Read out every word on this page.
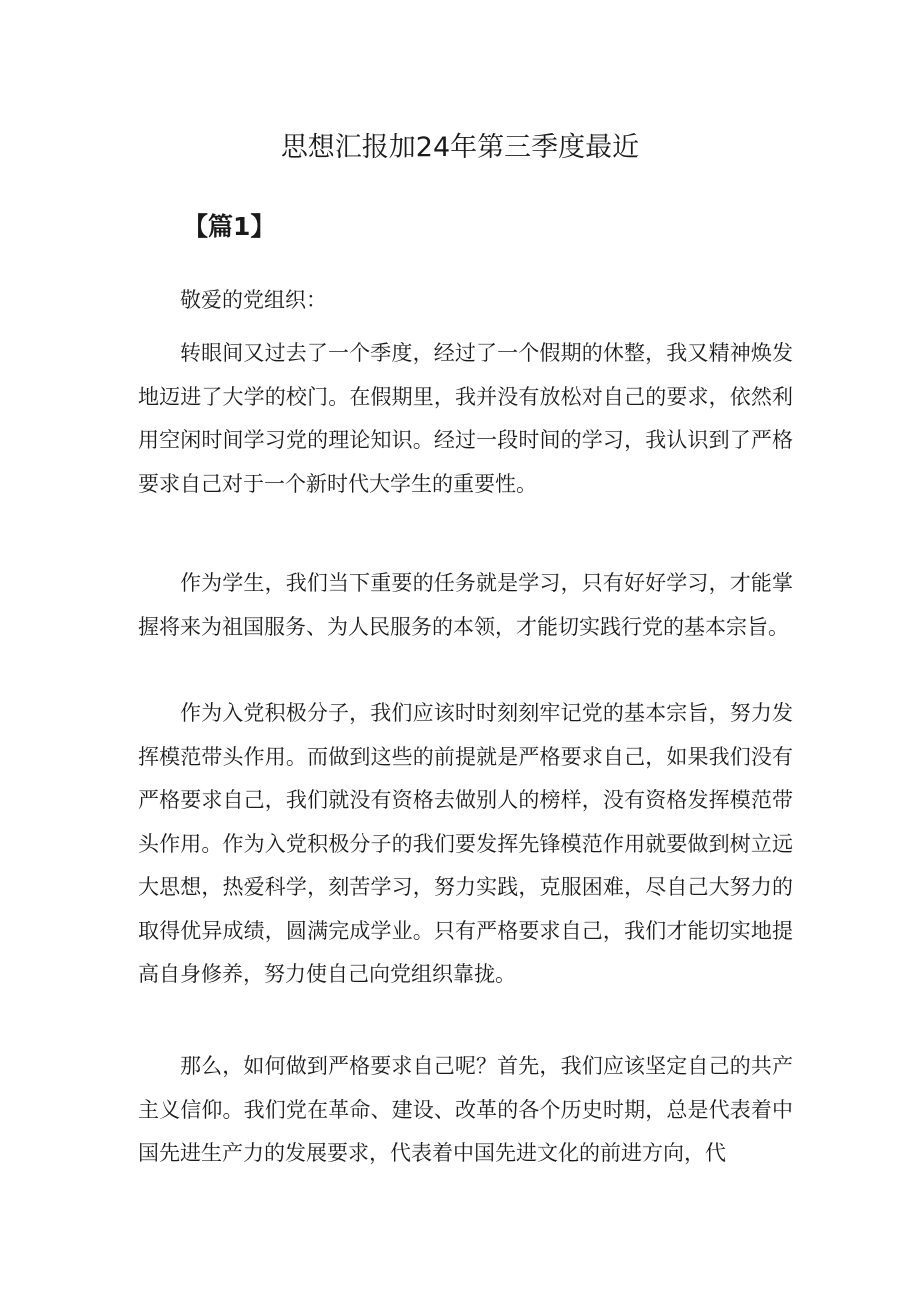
思想汇报加24年第三季度最近
【篇1】
敬爱的党组织：

转眼间又过去了一个季度，经过了一个假期的休整，我又精神焕发地迈进了大学的校门。在假期里，我并没有放松对自己的要求，依然利用空闲时间学习党的理论知识。经过一段时间的学习，我认识到了严格要求自己对于一个新时代大学生的重要性。

作为学生，我们当下重要的任务就是学习，只有好好学习，才能掌握将来为祖国服务、为人民服务的本领，才能切实践行党的基本宗旨。

作为入党积极分子，我们应该时时刻刻牢记党的基本宗旨，努力发挥模范带头作用。而做到这些的前提就是严格要求自己，如果我们没有严格要求自己，我们就没有资格去做别人的榜样，没有资格发挥模范带头作用。作为入党积极分子的我们要发挥先锋模范作用就要做到树立远大思想，热爱科学，刻苦学习，努力实践，克服困难，尽自己大努力的取得优异成绩，圆满完成学业。只有严格要求自己，我们才能切实地提高自身修养，努力使自己向党组织靠拢。

那么，如何做到严格要求自己呢？首先，我们应该坚定自己的共产主义信仰。我们党在革命、建设、改革的各个历史时期，总是代表着中国先进生产力的发展要求，代表着中国先进文化的前进方向，代
